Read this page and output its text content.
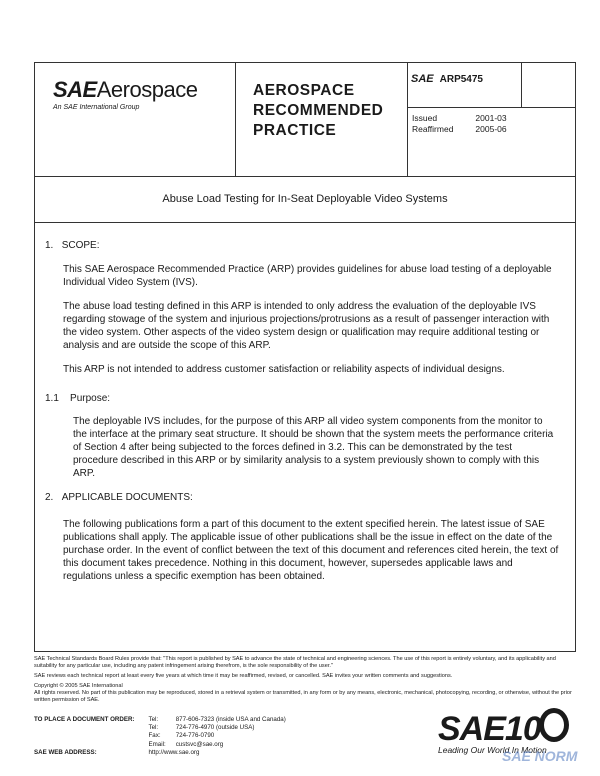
SAEAerospace
An SAE International Group
AEROSPACE
RECOMMENDED
PRACTICE
SAE ARP5475
Issued	2001-03
Reaffirmed	2005-06
Abuse Load Testing for In-Seat Deployable Video Systems
1. SCOPE:
This SAE Aerospace Recommended Practice (ARP) provides guidelines for abuse load testing of a deployable Individual Video System (IVS).
The abuse load testing defined in this ARP is intended to only address the evaluation of the deployable IVS regarding stowage of the system and injurious projections/protrusions as a result of passenger interaction with the video system. Other aspects of the video system design or qualification may require additional testing or analysis and are outside the scope of this ARP.
This ARP is not intended to address customer satisfaction or reliability aspects of individual designs.
1.1 Purpose:
The deployable IVS includes, for the purpose of this ARP all video system components from the monitor to the interface at the primary seat structure. It should be shown that the system meets the performance criteria of Section 4 after being subjected to the forces defined in 3.2. This can be demonstrated by the test procedure described in this ARP or by similarity analysis to a system previously shown to comply with this ARP.
2. APPLICABLE DOCUMENTS:
The following publications form a part of this document to the extent specified herein. The latest issue of SAE publications shall apply. The applicable issue of other publications shall be the issue in effect on the date of the purchase order. In the event of conflict between the text of this document and references cited herein, the text of this document takes precedence. Nothing in this document, however, supersedes applicable laws and regulations unless a specific exemption has been obtained.

SAE Technical Standards Board Rules provide that: "This report is published by SAE to advance the state of technical and engineering sciences. The use of this report is entirely voluntary, and its applicability and suitability for any particular use, including any patent infringement arising therefrom, is the sole responsibility of the user."

SAE reviews each technical report at least every five years at which time it may be reaffirmed, revised, or cancelled. SAE invites your written comments and suggestions.

Copyright © 2005 SAE International

All rights reserved. No part of this publication may be reproduced, stored in a retrieval system or transmitted, in any form or by any means, electronic, mechanical, photocopying, recording, or otherwise, without the prior written permission of SAE.

TO PLACE A DOCUMENT ORDER:	Tel:	877-606-7323 (inside USA and Canada)
	Tel:	724-776-4970 (outside USA)
	Fax:	724-776-0790
	Email:	custsvc@sae.org
SAE WEB ADDRESS:	http://www.sae.org	
SAE10
Leading Our World In Motion
SAE NORM
